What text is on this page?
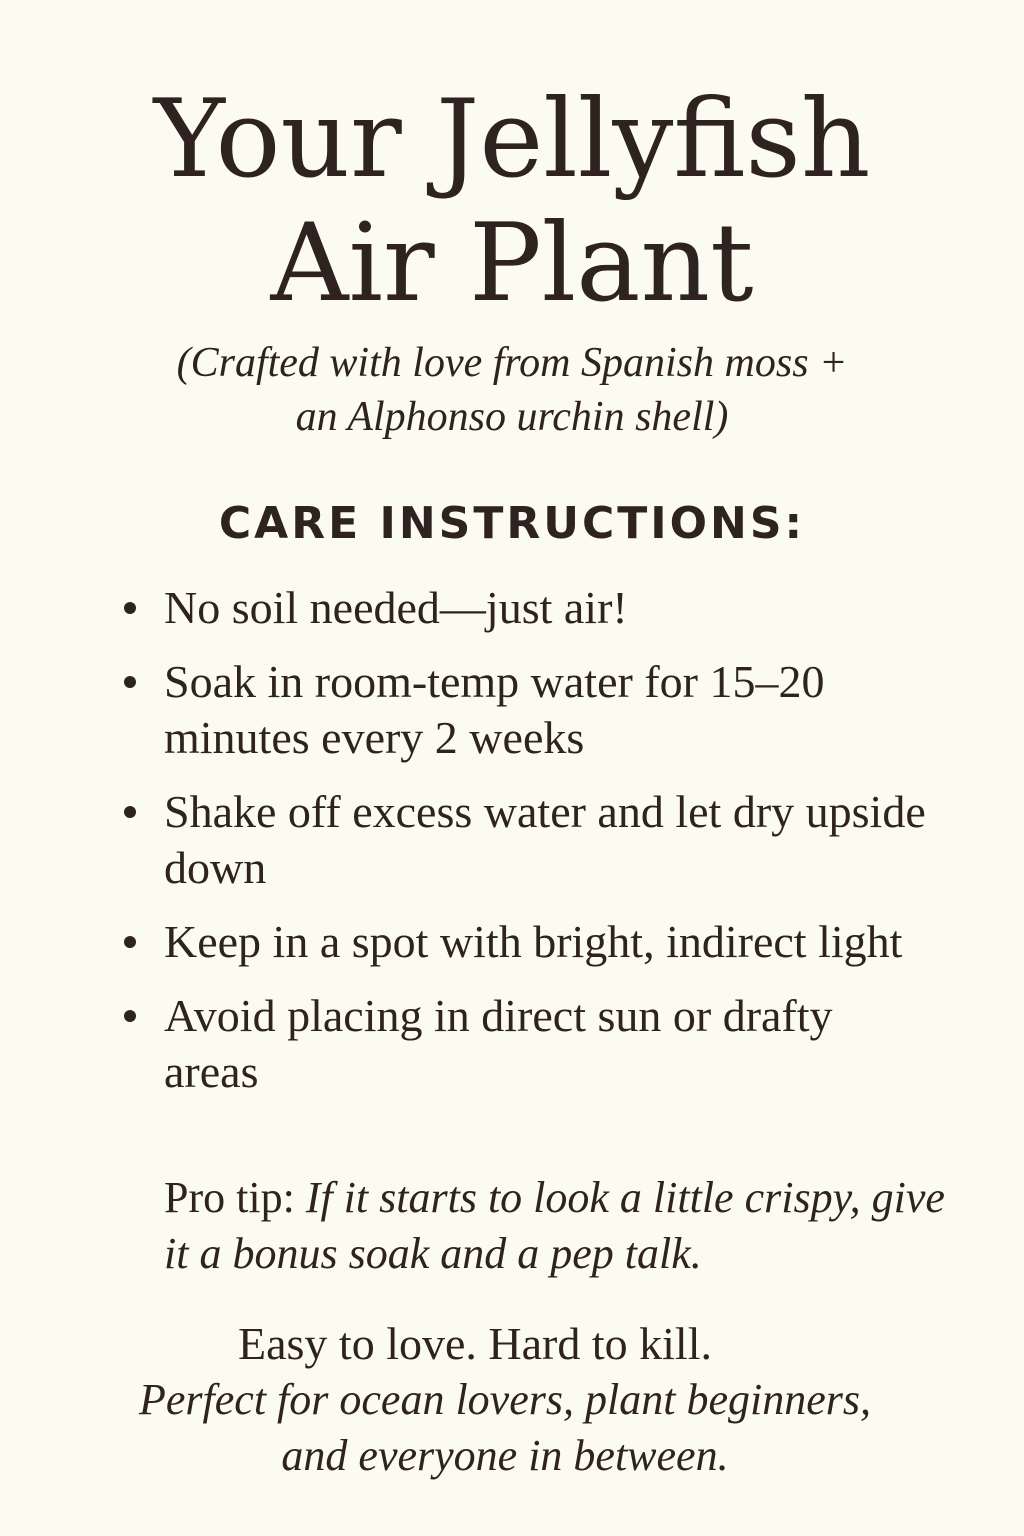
Your Jellyfish
Air Plant

(Crafted with love from Spanish moss +
an Alphonso urchin shell)

CARE INSTRUCTIONS:
No soil needed—just air!
Soak in room-temp water for 15–20 minutes every 2 weeks
Shake off excess water and let dry upside down
Keep in a spot with bright, indirect light
Avoid placing in direct sun or drafty areas

Pro tip: If it starts to look a little crispy, give it a bonus soak and a pep talk.

Easy to love. Hard to kill.

Perfect for ocean lovers, plant beginners,
and everyone in between.
